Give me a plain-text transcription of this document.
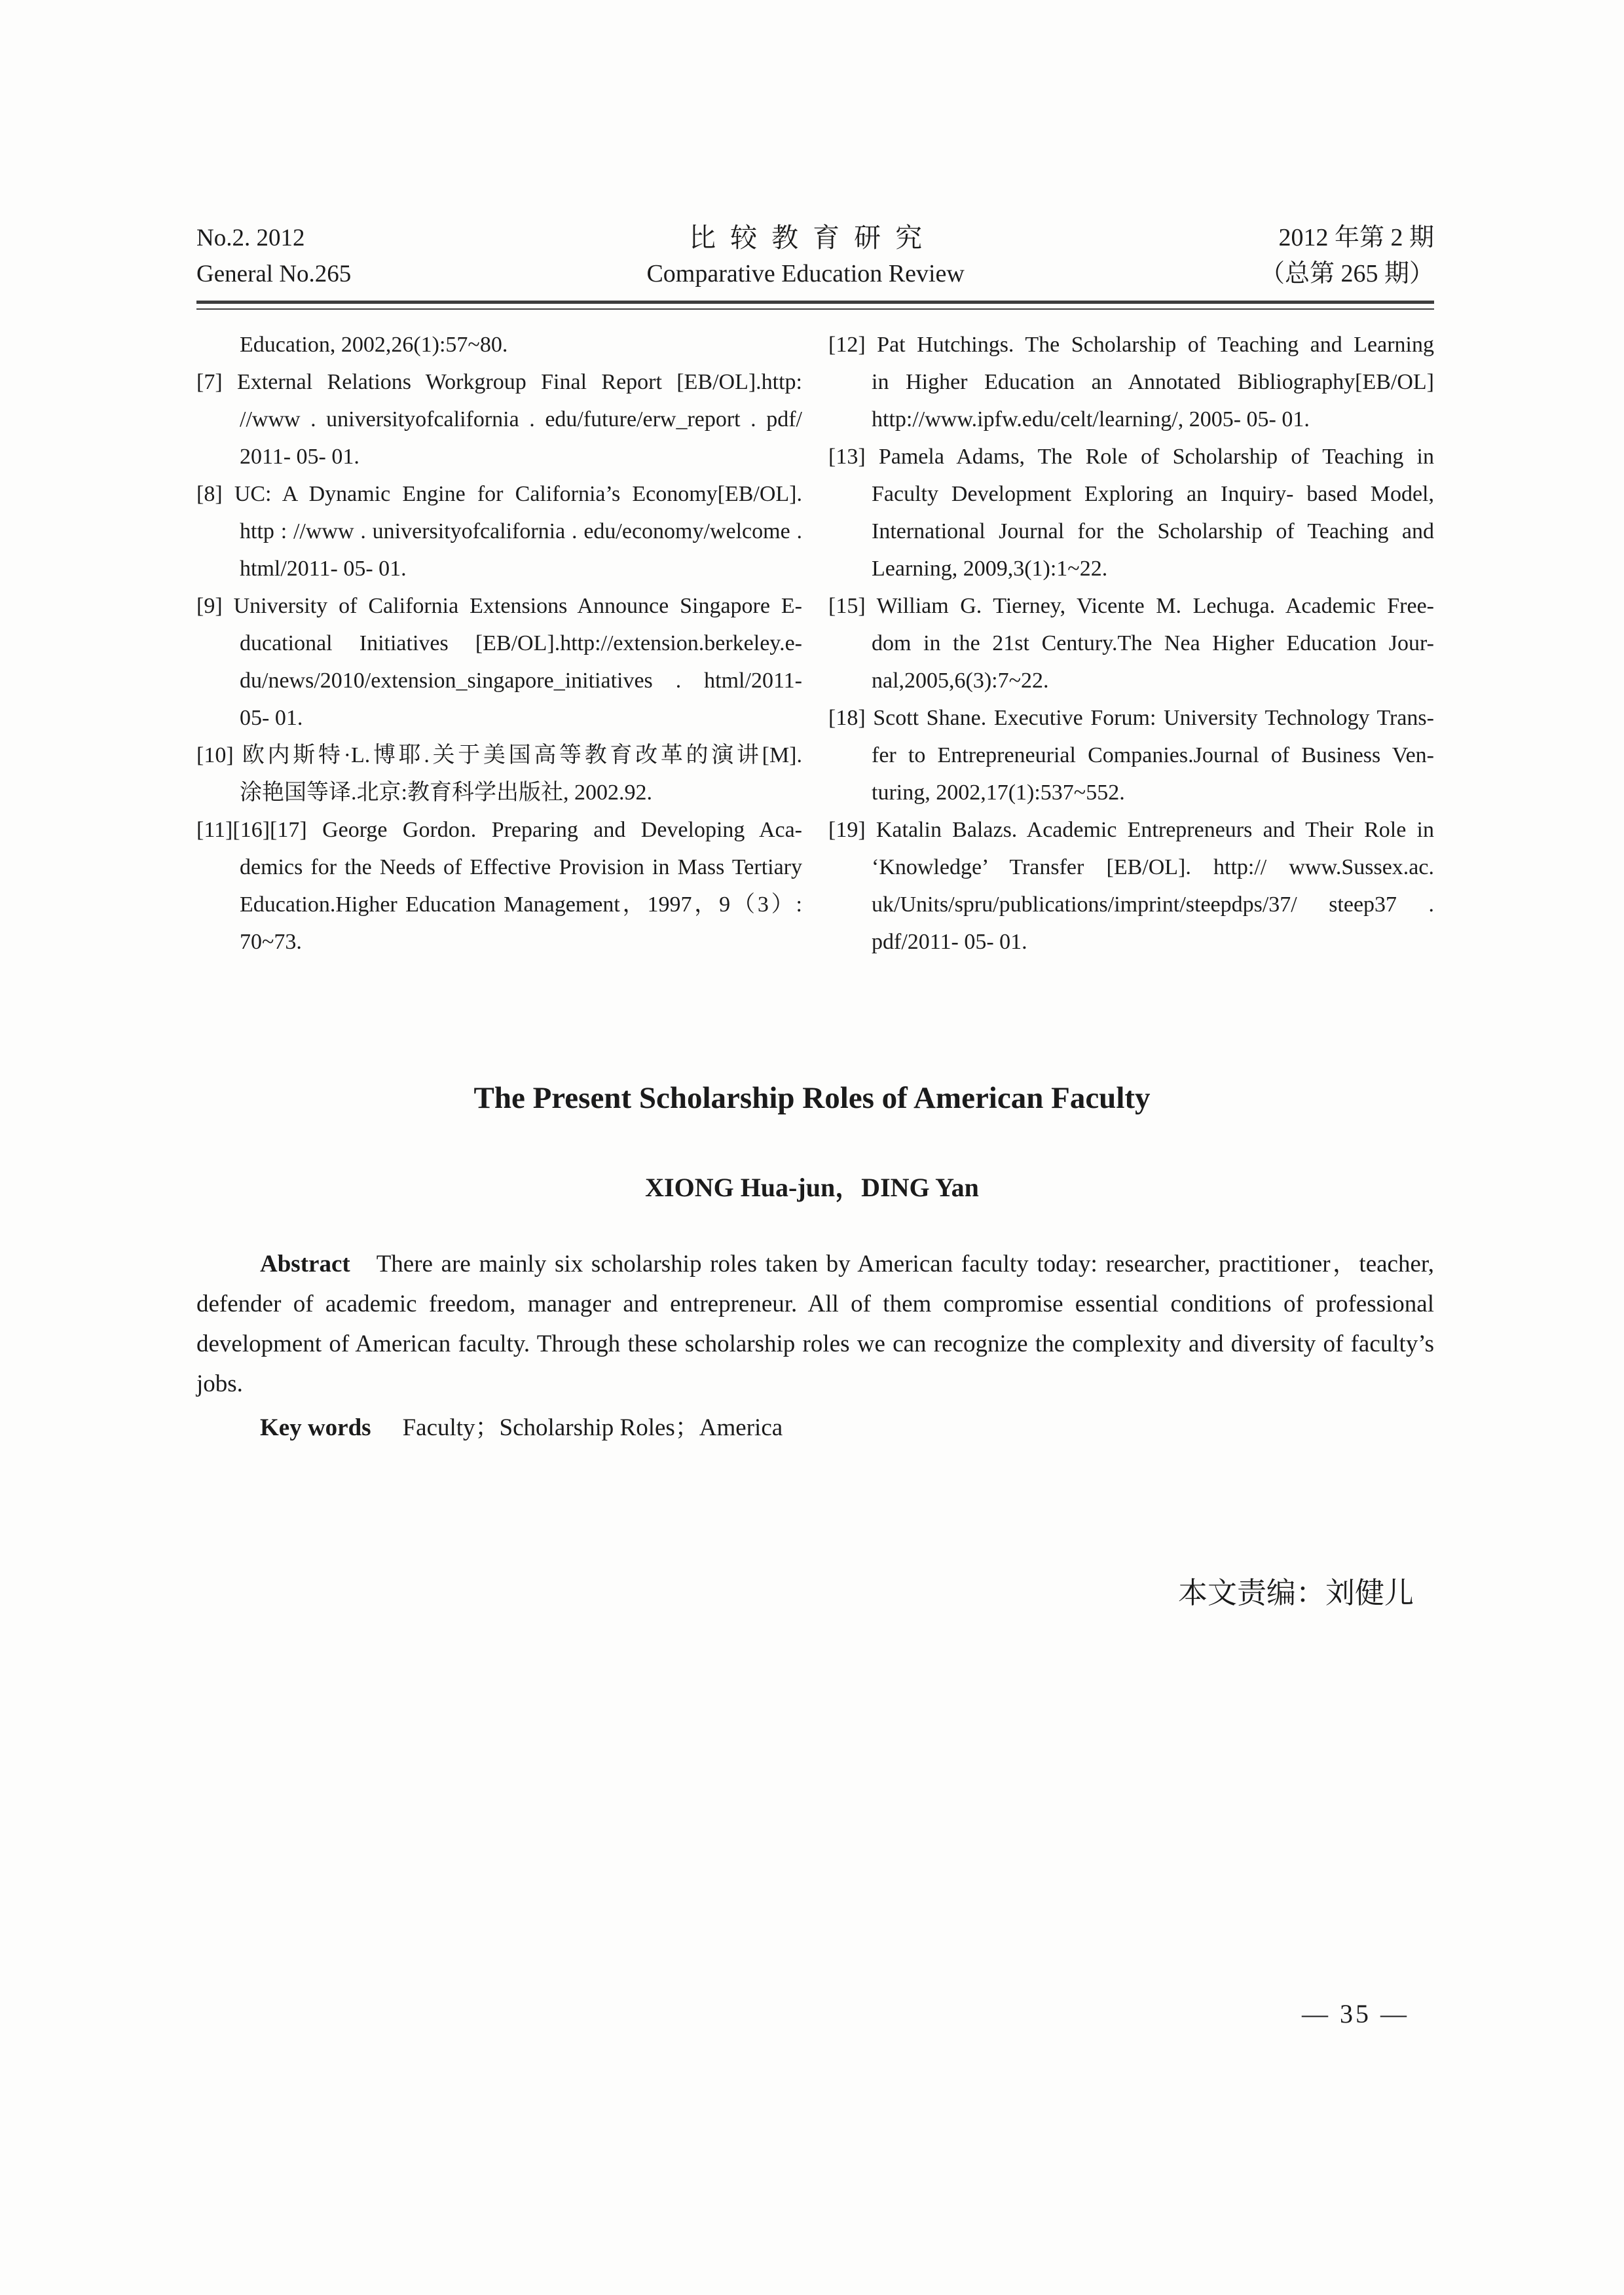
No.2. 2012
General No.265
比较教育研究
Comparative Education Review
2012 年第 2 期
（总第 265 期）
Education, 2002,26(1):57~80.
[7] External Relations Workgroup Final Report [EB/OL].http:
//www . universityofcalifornia . edu/future/erw_report . pdf/
2011- 05- 01.
[8] UC: A Dynamic Engine for California’s Economy[EB/OL].
http : //www . universityofcalifornia . edu/economy/welcome .
html/2011- 05- 01.
[9] University of California Extensions Announce Singapore E-
ducational Initiatives [EB/OL].http://extension.berkeley.e-
du/news/2010/extension_singapore_initiatives . html/2011-
05- 01.
[10] 欧内斯特·L.博耶.关于美国高等教育改革的演讲[M].
涂艳国等译.北京:教育科学出版社, 2002.92.
[11][16][17] George Gordon. Preparing and Developing Aca-
demics for the Needs of Effective Provision in Mass Tertiary
Education.Higher Education Management，1997，9（3）:
70~73.
[12] Pat Hutchings. The Scholarship of Teaching and Learning
in Higher Education an Annotated Bibliography[EB/OL]
http://www.ipfw.edu/celt/learning/, 2005- 05- 01.
[13] Pamela Adams, The Role of Scholarship of Teaching in
Faculty Development Exploring an Inquiry- based Model,
International Journal for the Scholarship of Teaching and
Learning, 2009,3(1):1~22.
[15] William G. Tierney, Vicente M. Lechuga. Academic Free-
dom in the 21st Century.The Nea Higher Education Jour-
nal,2005,6(3):7~22.
[18] Scott Shane. Executive Forum: University Technology Trans-
fer to Entrepreneurial Companies.Journal of Business Ven-
turing, 2002,17(1):537~552.
[19] Katalin Balazs. Academic Entrepreneurs and Their Role in
‘Knowledge’ Transfer [EB/OL]. http:// www.Sussex.ac.
uk/Units/spru/publications/imprint/steepdps/37/ steep37 .
pdf/2011- 05- 01.
The Present Scholarship Roles of American Faculty
XIONG Hua-jun，DING Yan

Abstract There are mainly six scholarship roles taken by American faculty today: researcher, practitioner，teacher, defender of academic freedom, manager and entrepreneur. All of them compromise essential conditions of professional development of American faculty. Through these scholarship roles we can recognize the complexity and diversity of faculty’s jobs.

Key words Faculty；Scholarship Roles；America

本文责编：刘健儿
— 35 —
